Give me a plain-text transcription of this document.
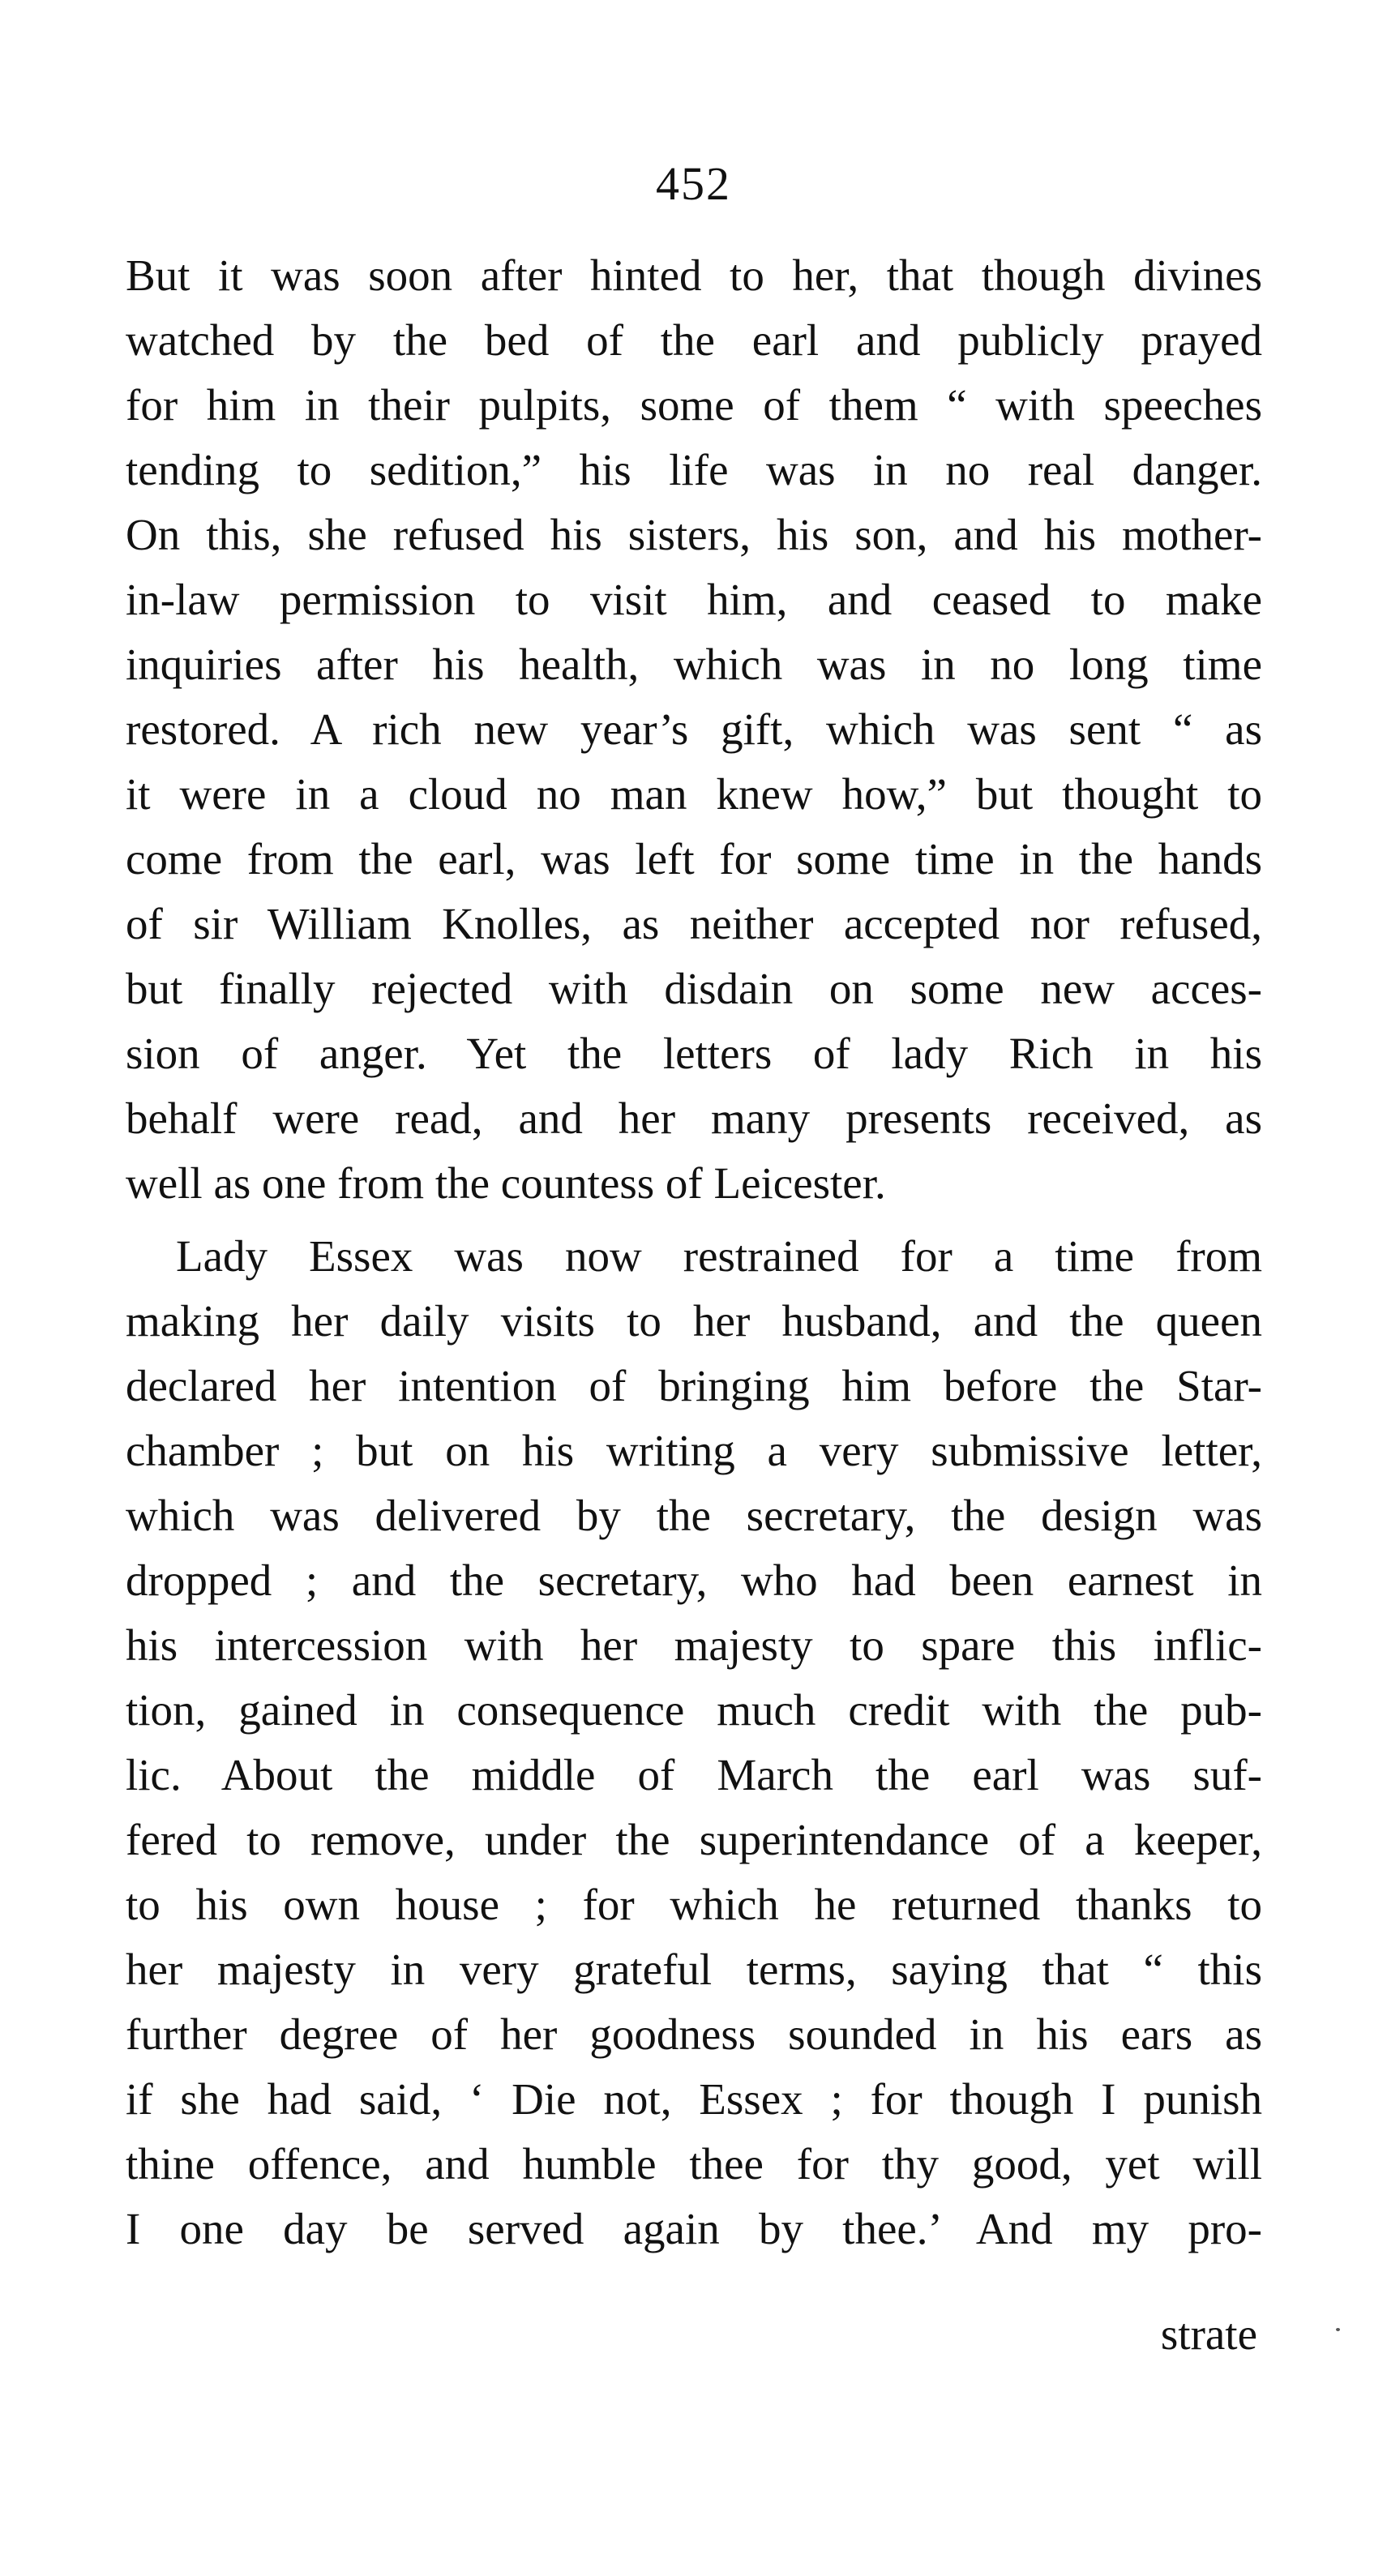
452
But it was soon after hinted to her, that though divines
watched by the bed of the earl and publicly prayed
for him in their pulpits, some of them “ with speeches
tending to sedition,” his life was in no real danger.
On this, she refused his sisters, his son, and his mother-
in-law permission to visit him, and ceased to make
inquiries after his health, which was in no long time
restored. A rich new year’s gift, which was sent “ as
it were in a cloud no man knew how,” but thought to
come from the earl, was left for some time in the hands
of sir William Knolles, as neither accepted nor refused,
but finally rejected with disdain on some new acces-
sion of anger. Yet the letters of lady Rich in his
behalf were read, and her many presents received, as
well as one from the countess of Leicester.
Lady Essex was now restrained for a time from
making her daily visits to her husband, and the queen
declared her intention of bringing him before the Star-
chamber ; but on his writing a very submissive letter,
which was delivered by the secretary, the design was
dropped ; and the secretary, who had been earnest in
his intercession with her majesty to spare this inflic-
tion, gained in consequence much credit with the pub-
lic. About the middle of March the earl was suf-
fered to remove, under the superintendance of a keeper,
to his own house ; for which he returned thanks to
her majesty in very grateful terms, saying that “ this
further degree of her goodness sounded in his ears as
if she had said, ‘ Die not, Essex ; for though I punish
thine offence, and humble thee for thy good, yet will
I one day be served again by thee.’ And my pro-
strate
